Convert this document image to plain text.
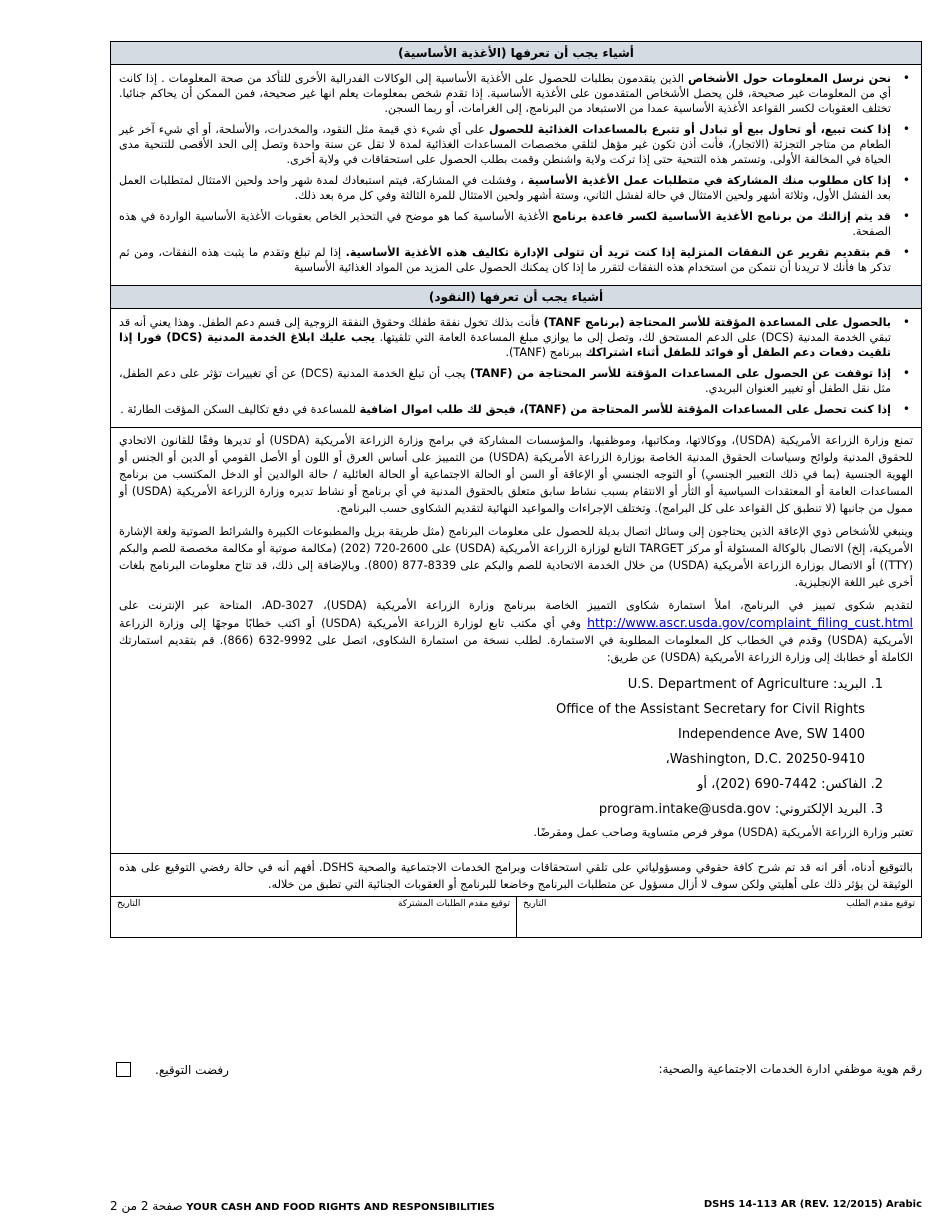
أشياء يجب أن تعرفها (الأغذية الأساسية)
• نحن نرسل المعلومات حول الأشخاص الذين يتقدمون بطلبات للحصول على الأغذية الأساسية إلى الوكالات الفدرالية الأخرى للتأكد من صحة المعلومات . إذا كانت أي من المعلومات غير صحيحة، فلن يحصل الأشخاص المتقدمون على الأغذية الأساسية. إذا تقدم شخص بمعلومات يعلم انها غير صحيحة، فمن الممكن أن يحاكم جنائيا. تختلف العقوبات لكسر القواعد الأغذية الأساسية عمدا من الاستبعاد من البرنامج، إلى الغرامات، أو ربما السجن.
• إذا كنت تبيع، أو تحاول بيع أو تبادل أو تتبرع بالمساعدات الغذائية للحصول على أي شيء ذي قيمة مثل النقود، والمخدرات، والأسلحة، أو أي شيء آخر غير الطعام من متاجر التجزئة (الاتجار)، فأنت أذن تكون غير مؤهل لتلقي مخصصات المساعدات الغذائية لمدة لا تقل عن سنة واحدة وتصل إلى الحد الأقصى للتنحية مدى الحياة في المخالفة الأولى. وتستمر هذه التنحية حتى إذا تركت ولاية واشنطن وقمت بطلب الحصول على استحقاقات في ولاية أخرى.
• إذا كان مطلوب منك المشاركة في متطلبات عمل الأغذية الأساسية ، وفشلت في المشاركة، فيتم استبعادك لمدة شهر واحد ولحين الامتثال لمتطلبات العمل بعد الفشل الأول، وثلاثة أشهر ولحين الامتثال في حالة لفشل الثاني، وستة أشهر ولحين الامتثال للمرة الثالثة وفي كل مرة بعد ذلك.
• قد يتم إزالتك من برنامج الأغذية الأساسية لكسر قاعدة برنامج الأغذية الأساسية كما هو موضح في التحذير الخاص بعقوبات الأغذية الأساسية الواردة في هذه الصفحة.
• قم بتقديم تقرير عن النفقات المنزلية إذا كنت تريد أن تتولى الإدارة تكاليف هذه الأغذية الأساسية. إذا لم تبلغ وتقدم ما يثبت هذه النفقات، ومن ثم تذكر ها فأنك لا تريدنا أن نتمكن من استخدام هذه النفقات لتقرر ما إذا كان يمكنك الحصول على المزيد من المواد الغذائية الأساسية
أشياء يجب أن تعرفها (النقود)
• بالحصول على المساعدة المؤقتة للأسر المحتاجة (برنامج TANF) فأنت بذلك تخول نفقة طفلك وحقوق النفقة الزوجية إلى قسم دعم الطفل. وهذا يعني أنه قد تبقي الخدمة المدنية (DCS) على الدعم المستحق لك، وتصل إلى ما يوازي مبلغ المساعدة العامة التي تلقيتها. يجب عليك ابلاغ الخدمة المدنية (DCS) فورا إذا تلقيت دفعات دعم الطفل أو فوائد للطفل أثناء اشتراكك ببرنامج (TANF).
• إذا توقفت عن الحصول على المساعدات المؤقتة للأسر المحتاجة من (TANF) يجب أن تبلغ الخدمة المدنية (DCS) عن أي تغييرات تؤثر على دعم الطفل، مثل نقل الطفل أو تغيير العنوان البريدي.
• إذا كنت تحصل على المساعدات المؤقتة للأسر المحتاجة من (TANF)، فيحق لك طلب اموال اضافية للمساعدة في دفع تكاليف السكن المؤقت الطارئة .

تمنع وزارة الزراعة الأمريكية (USDA)، ووكالاتها، ومكاتبها، وموظفيها، والمؤسسات المشاركة في برامج وزارة الزراعة الأمريكية (USDA) أو تديرها وفقًا للقانون الاتحادي للحقوق المدنية ولوائح وسياسات الحقوق المدنية الخاصة بوزارة الزراعة الأمريكية (USDA) من التمييز على أساس العرق أو اللون أو الأصل القومي أو الدين أو الجنس أو الهوية الجنسية (بما في ذلك التعبير الجنسي) أو التوجه الجنسي أو الإعاقة أو السن أو الحالة الاجتماعية أو الحالة العائلية / حالة الوالدين أو الدخل المكتسب من برنامج المساعدات العامة أو المعتقدات السياسية أو الثأر أو الانتقام بسبب نشاط سابق متعلق بالحقوق المدنية في أي برنامج أو نشاط تديره وزارة الزراعة الأمريكية (USDA) أو ممول من جانبها (لا تنطبق كل القواعد على كل البرامج). وتختلف الإجراءات والمواعيد النهائية لتقديم الشكاوى حسب البرنامج.

وينبغي للأشخاص ذوي الإعاقة الذين يحتاجون إلى وسائل اتصال بديلة للحصول على معلومات البرنامج (مثل طريقة بريل والمطبوعات الكبيرة والشرائط الصوتية ولغة الإشارة الأمريكية، إلخ) الاتصال بالوكالة المسئولة أو مركز TARGET التابع لوزارة الزراعة الأمريكية (USDA) على 2600-720 (202) (مكالمة صوتية أو مكالمة مخصصة للصم والبكم (TTY)) أو الاتصال بوزارة الزراعة الأمريكية (USDA) من خلال الخدمة الاتحادية للصم والبكم على 8339-877 (800). وبالإضافة إلى ذلك، قد تتاح معلومات البرنامج بلغات أخرى غير اللغة الإنجليزية.

لتقديم شكوى تمييز في البرنامج، املأ استمارة شكاوى التمييز الخاصة ببرنامج وزارة الزراعة الأمريكية (USDA)، AD-3027، المتاحة عبر الإنترنت على http://www.ascr.usda.gov/complaint_filing_cust.html وفي أي مكتب تابع لوزارة الزراعة الأمريكية (USDA) أو اكتب خطابًا موجهًا إلى وزارة الزراعة الأمريكية (USDA) وقدم في الخطاب كل المعلومات المطلوبة في الاستمارة. لطلب نسخة من استمارة الشكاوى، اتصل على 9992-632 (866). قم بتقديم استمارتك الكاملة أو خطابك إلى وزارة الزراعة الأمريكية (USDA) عن طريق:

1. البريد: U.S. Department of Agriculture
Office of the Assistant Secretary for Civil Rights
1400 Independence Ave, SW
Washington, D.C. 20250-9410،
2. الفاكس: 7442-690 (202)، أو
3. البريد الإلكتروني: program.intake@usda.gov

تعتبر وزارة الزراعة الأمريكية (USDA) موفر فرص متساوية وصاحب عمل ومقرضًا.

بالتوقيع أدناه، أقر انه قد تم شرح كافة حقوقي ومسؤولياتي على تلقي استحقاقات وبرامج الخدمات الاجتماعية والصحية DSHS. أفهم أنه في حالة رفضي التوقيع على هذه الوثيقة لن يؤثر ذلك على أهليتي ولكن سوف لا أزال مسؤول عن متطلبات البرنامج وخاضعا للبرنامج أو العقوبات الجنائية التي تطبق من خلاله.
توقيع مقدم الطلب
التاريخ
توقيع مقدم الطلبات المشتركة
التاريخ
رقم هوية موظفي ادارة الخدمات الاجتماعية والصحية:
رفضت التوقيع.
صفحة 2 من 2 YOUR CASH AND FOOD RIGHTS AND RESPONSIBILITIES	DSHS 14-113 AR (REV. 12/2015) Arabic
